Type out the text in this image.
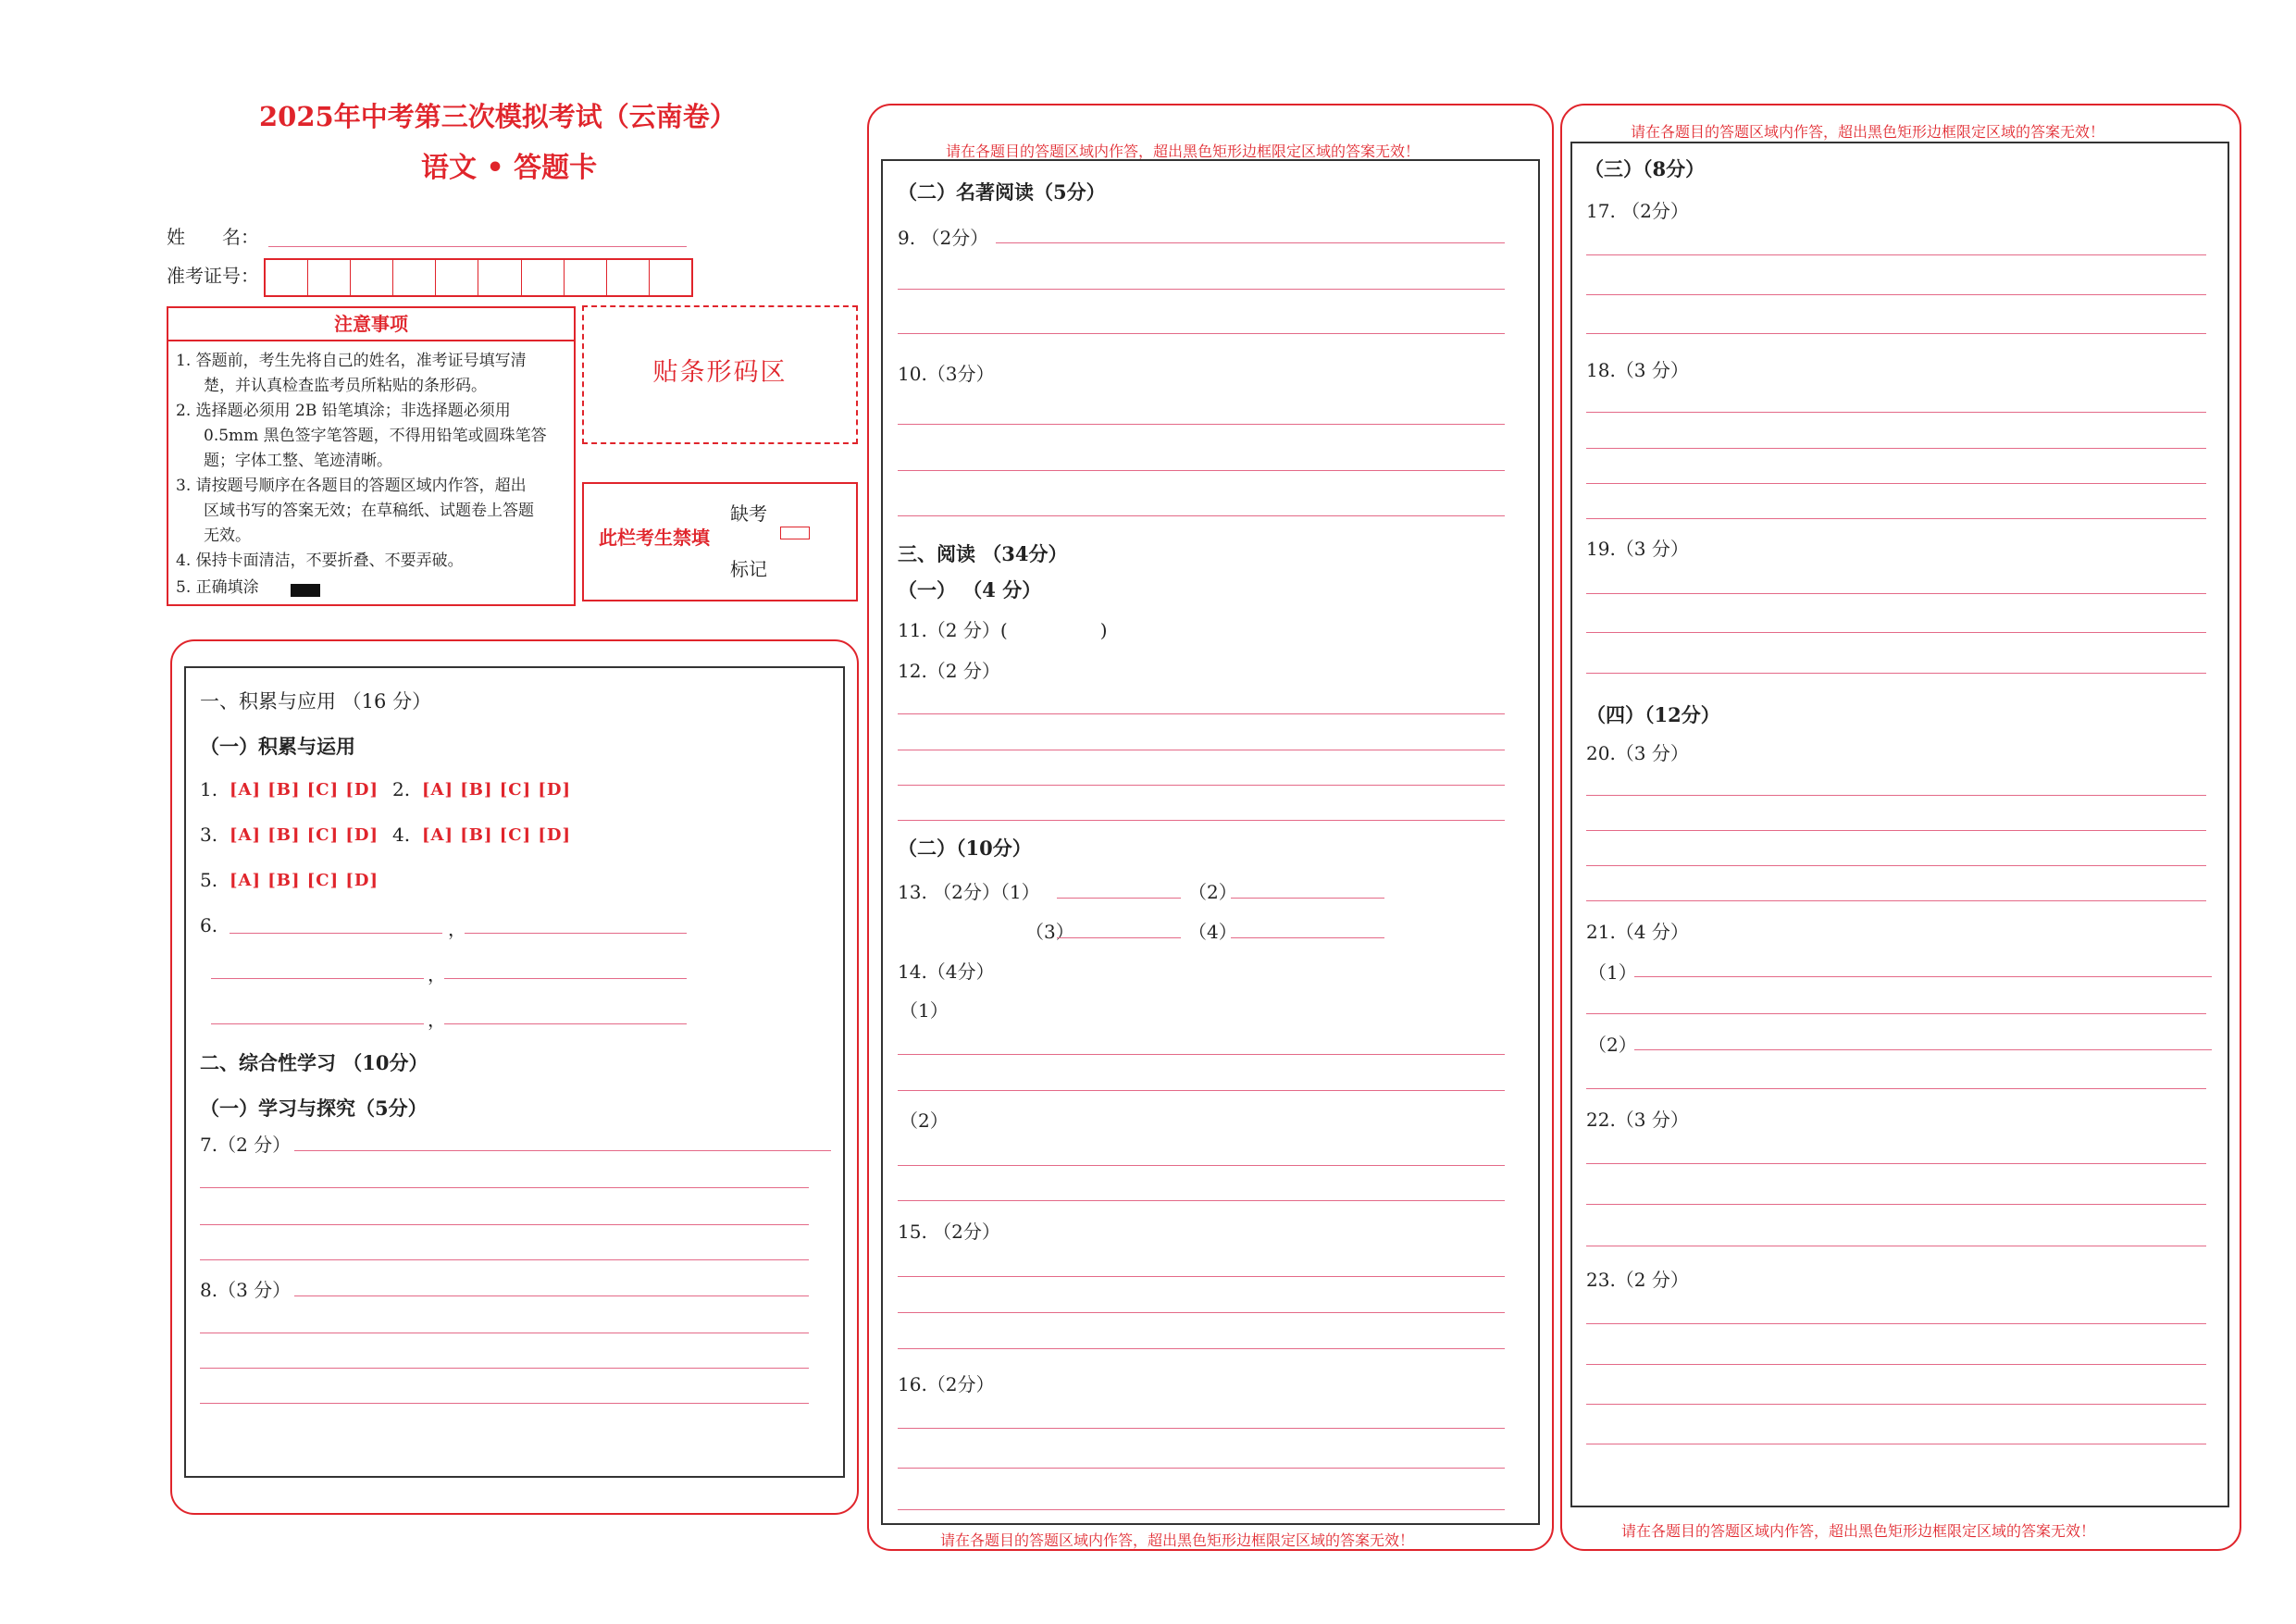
2025年中考第三次模拟考试（云南卷）
语文 • 答题卡
姓　　名：
准考证号：
注意事项
1. 答题前，考生先将自己的姓名，准考证号填写清
楚，并认真检查监考员所粘贴的条形码。
2. 选择题必须用 2B 铅笔填涂；非选择题必须用
0.5mm 黑色签字笔答题，不得用铅笔或圆珠笔答
题；字体工整、笔迹清晰。
3. 请按题号顺序在各题目的答题区域内作答，超出
区域书写的答案无效；在草稿纸、试题卷上答题
无效。
4. 保持卡面清洁，不要折叠、不要弄破。
5. 正确填涂
贴条形码区
此栏考生禁填
缺考
标记
一、积累与应用 （16 分）
（一）积累与运用
1. [A] [B] [C] [D] 2. [A] [B] [C] [D]
3. [A] [B] [C] [D] 4. [A] [B] [C] [D]
5. [A] [B] [C] [D]
6.	，
，
，
二、综合性学习 （10分）
（一）学习与探究（5分）
7.（2 分）
8.（3 分）
请在各题目的答题区域内作答，超出黑色矩形边框限定区域的答案无效！
请在各题目的答题区域内作答，超出黑色矩形边框限定区域的答案无效！
（二）名著阅读（5分）
9. （2分）
10.（3分）
三、阅读 （34分）
（一） （4 分）
11.（2 分）(　　　　　)
12.（2 分）
（二）（10分）
13. （2分）（1）	（2）
（3）	（4）
14.（4分）
（1）
（2）
15. （2分）
16.（2分）
请在各题目的答题区域内作答，超出黑色矩形边框限定区域的答案无效！
请在各题目的答题区域内作答，超出黑色矩形边框限定区域的答案无效！
（三）（8分）
17. （2分）
18.（3 分）
19.（3 分）
（四）（12分）
20.（3 分）
21.（4 分）
（1）
（2）
22.（3 分）
23.（2 分）
